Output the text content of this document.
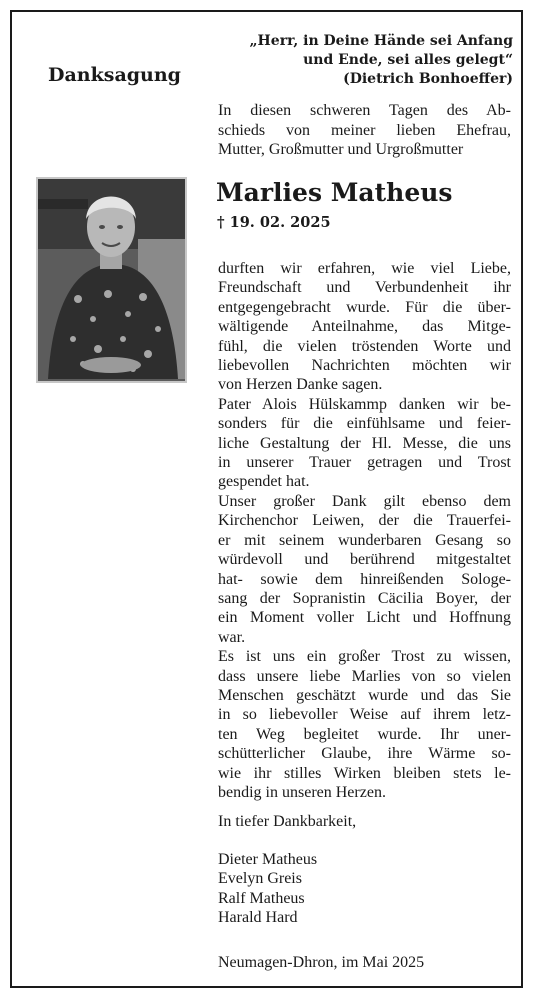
Danksagung
„Herr, in Deine Hände sei Anfang
und Ende, sei alles gelegt“
(Dietrich Bonhoeffer)
In diesen schweren Tagen des Ab-
schieds von meiner lieben Ehefrau,
Mutter, Großmutter und Urgroßmutter
Marlies Matheus
† 19. 02. 2025
durften wir erfahren, wie viel Liebe,
Freundschaft und Verbundenheit ihr
entgegengebracht wurde. Für die über-
wältigende Anteilnahme, das Mitge-
fühl, die vielen tröstenden Worte und
liebevollen Nachrichten möchten wir
von Herzen Danke sagen.
Pater Alois Hülskammp danken wir be-
sonders für die einfühlsame und feier-
liche Gestaltung der Hl. Messe, die uns
in unserer Trauer getragen und Trost
gespendet hat.
Unser großer Dank gilt ebenso dem
Kirchenchor Leiwen, der die Trauerfei-
er mit seinem wunderbaren Gesang so
würdevoll und berührend mitgestaltet
hat- sowie dem hinreißenden Sologe-
sang der Sopranistin Cäcilia Boyer, der
ein Moment voller Licht und Hoffnung
war.
Es ist uns ein großer Trost zu wissen,
dass unsere liebe Marlies von so vielen
Menschen geschätzt wurde und das Sie
in so liebevoller Weise auf ihrem letz-
ten Weg begleitet wurde. Ihr uner-
schütterlicher Glaube, ihre Wärme so-
wie ihr stilles Wirken bleiben stets le-
bendig in unseren Herzen.
In tiefer Dankbarkeit,
Dieter Matheus
Evelyn Greis
Ralf Matheus
Harald Hard
Neumagen-Dhron, im Mai 2025
